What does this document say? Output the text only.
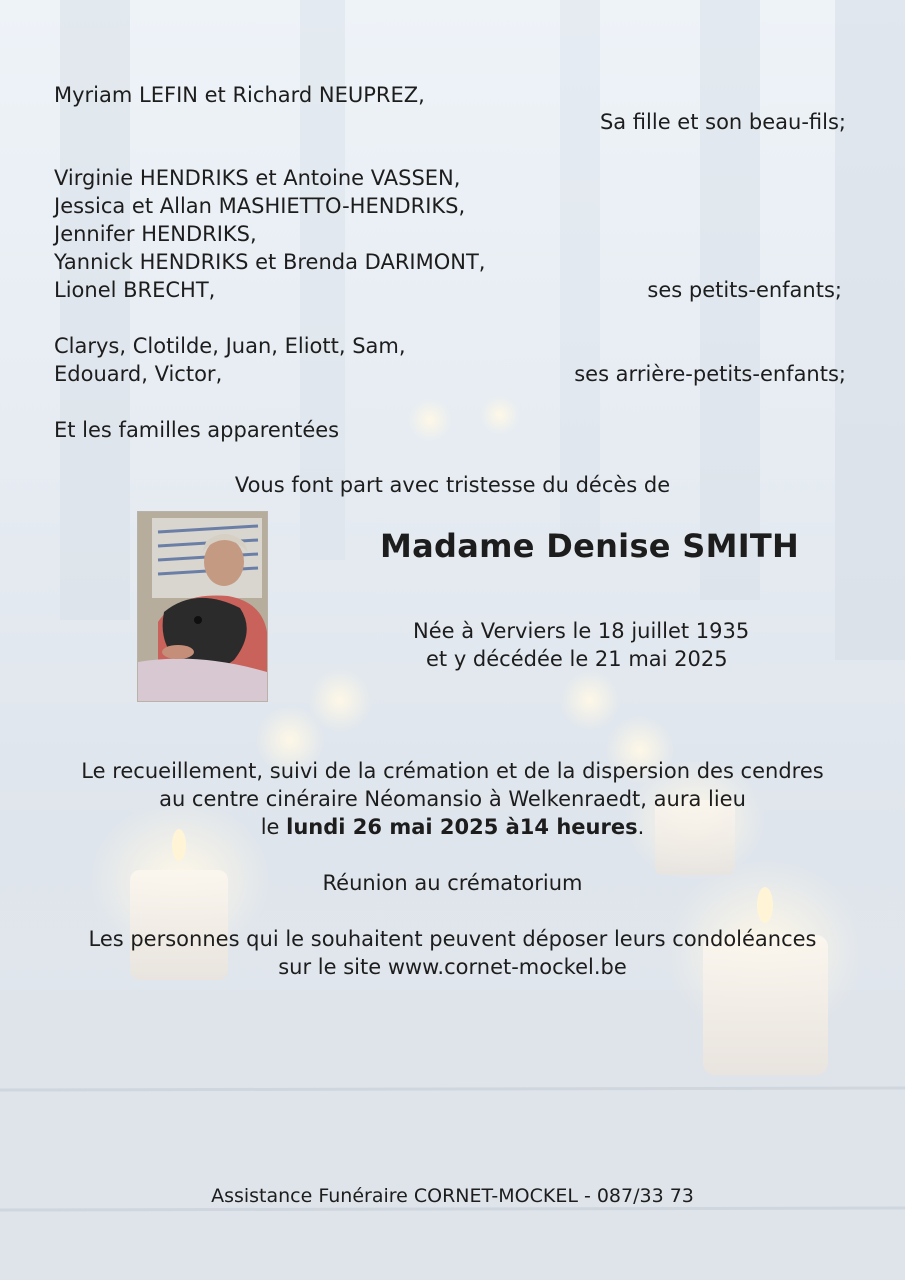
Myriam LEFIN et Richard NEUPREZ,
Sa fille et son beau-fils;
Virginie HENDRIKS et Antoine VASSEN,
Jessica et Allan MASHIETTO-HENDRIKS,
Jennifer HENDRIKS,
Yannick HENDRIKS et Brenda DARIMONT,
Lionel BRECHT,	ses petits-enfants;
Clarys, Clotilde, Juan, Eliott, Sam,
Edouard, Victor,	ses arrière-petits-enfants;
Et les familles apparentées
Vous font part avec tristesse du décès de
Madame Denise SMITH
Née à Verviers le 18 juillet 1935
et y décédée le 21 mai 2025
Le recueillement, suivi de la crémation et de la dispersion des cendres
au centre cinéraire Néomansio à Welkenraedt, aura lieu
le lundi 26 mai 2025 à14 heures.
Réunion au crématorium
Les personnes qui le souhaitent peuvent déposer leurs condoléances
sur le site www.cornet-mockel.be
Assistance Funéraire CORNET-MOCKEL - 087/33 73
